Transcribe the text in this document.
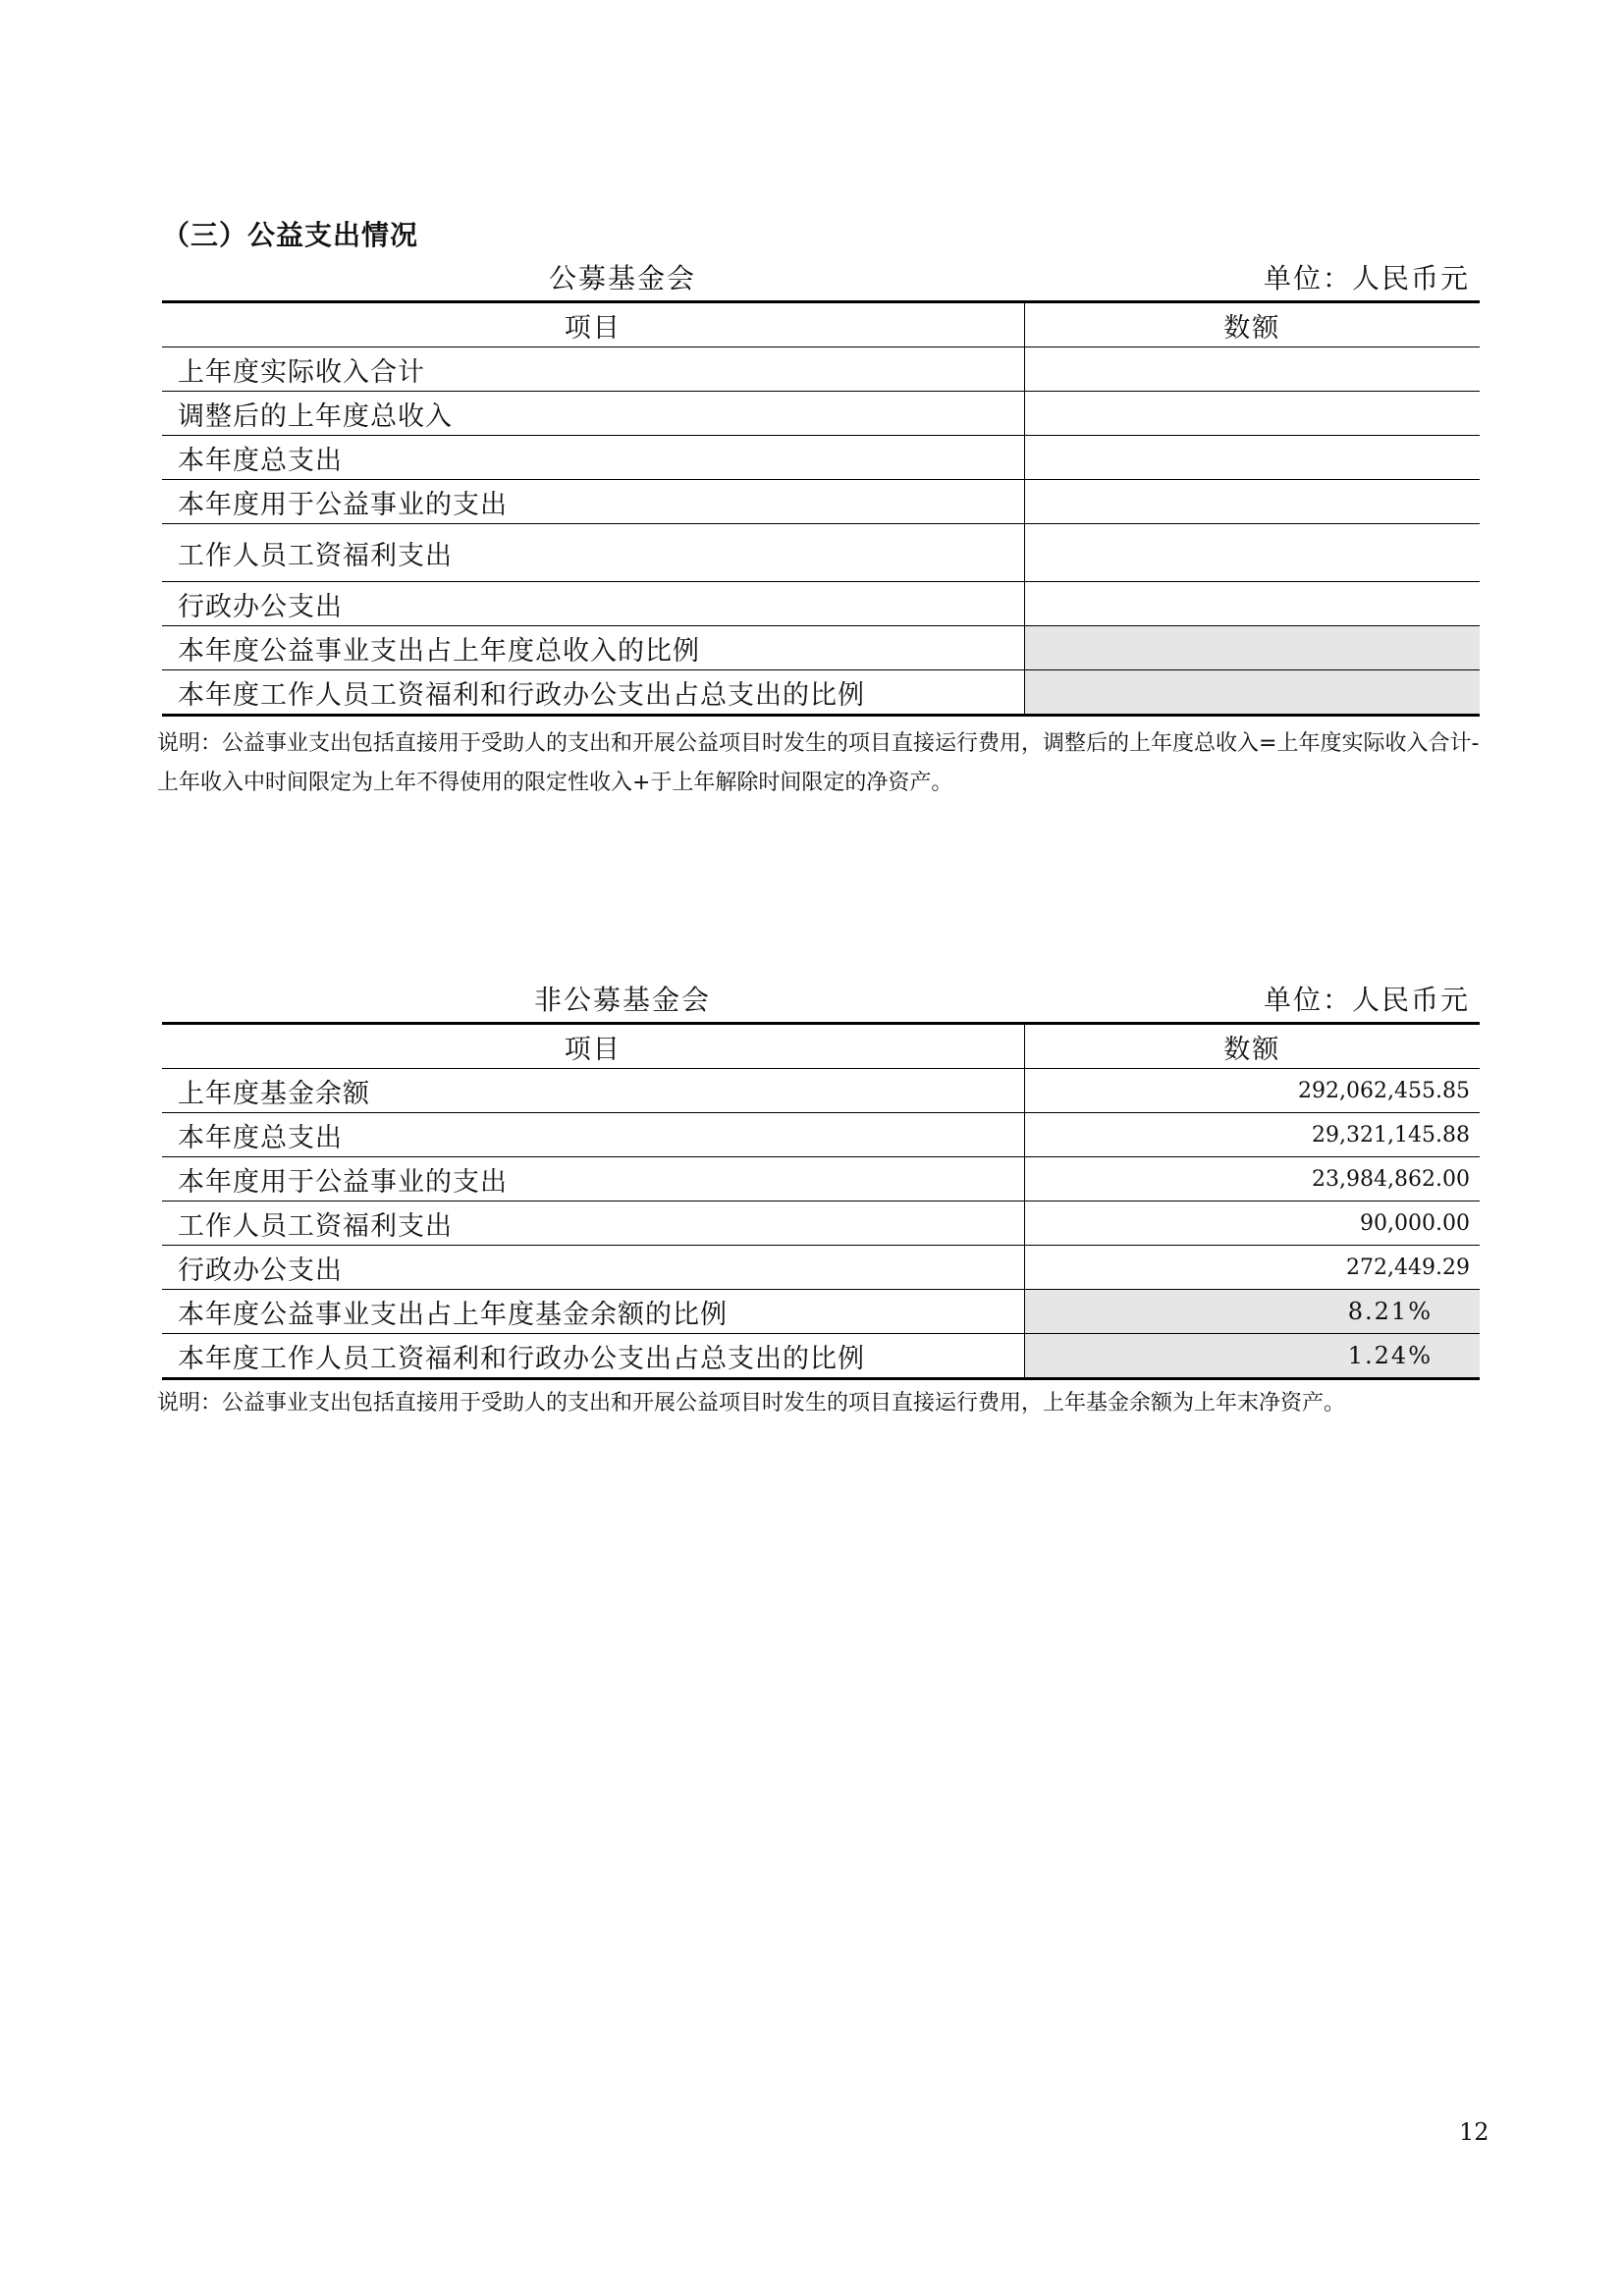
（三）公益支出情况
公募基金会	单位：人民币元
项目	数额
上年度实际收入合计	
调整后的上年度总收入	
本年度总支出	
本年度用于公益事业的支出	
工作人员工资福利支出	
行政办公支出	
本年度公益事业支出占上年度总收入的比例	
本年度工作人员工资福利和行政办公支出占总支出的比例	
说明：公益事业支出包括直接用于受助人的支出和开展公益项目时发生的项目直接运行费用，调整后的上年度总收入=上年度实际收入合计-上年收入中时间限定为上年不得使用的限定性收入+于上年解除时间限定的净资产。
非公募基金会	单位：人民币元
项目	数额
上年度基金余额	292,062,455.85
本年度总支出	29,321,145.88
本年度用于公益事业的支出	23,984,862.00
工作人员工资福利支出	90,000.00
行政办公支出	272,449.29
本年度公益事业支出占上年度基金余额的比例	8.21%
本年度工作人员工资福利和行政办公支出占总支出的比例	1.24%
说明：公益事业支出包括直接用于受助人的支出和开展公益项目时发生的项目直接运行费用，上年基金余额为上年末净资产。
12
